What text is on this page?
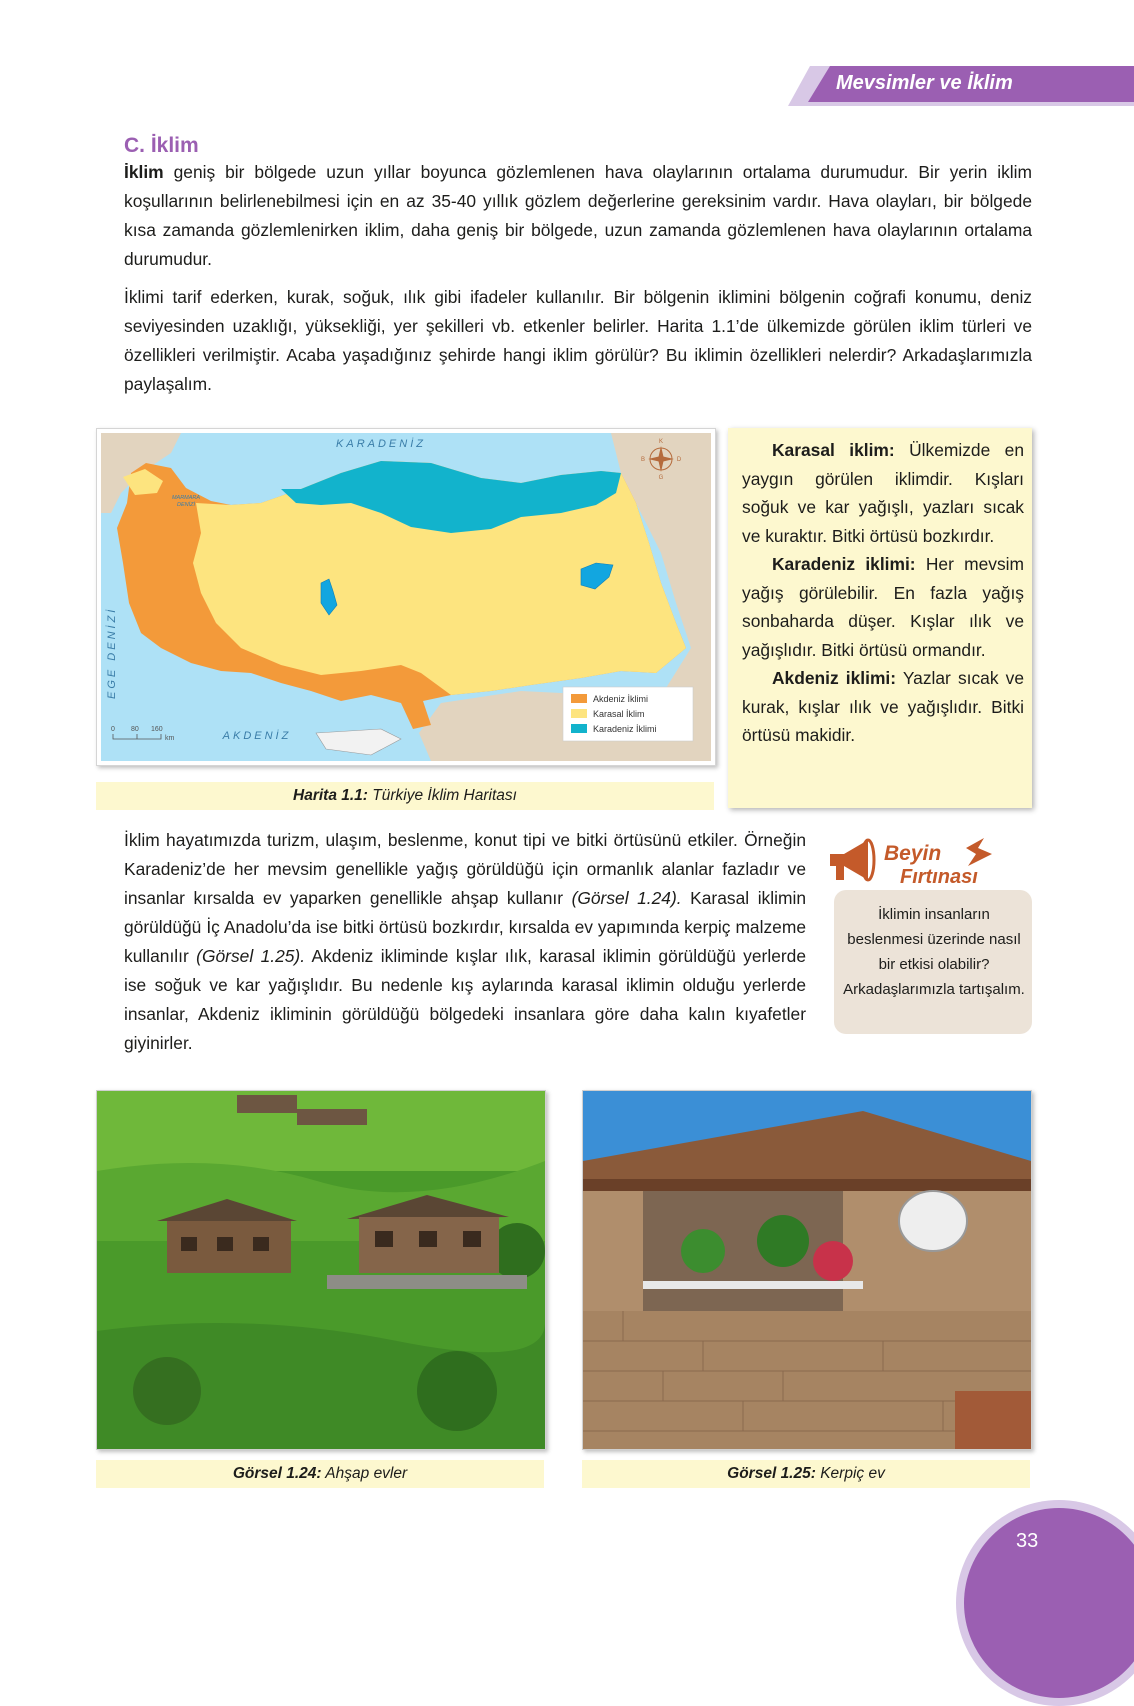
Mevsimler ve İklim
C. İklim
İklim geniş bir bölgede uzun yıllar boyunca gözlemlenen hava olaylarının ortalama durumudur. Bir yerin iklim koşullarının belirlenebilmesi için en az 35-40 yıllık gözlem değerlerine gereksinim vardır. Hava olayları, bir bölgede kısa zamanda gözlemlenirken iklim, daha geniş bir bölgede, uzun zamanda gözlemlenen hava olaylarının ortalama durumudur.
İklimi tarif ederken, kurak, soğuk, ılık gibi ifadeler kullanılır. Bir bölgenin iklimini bölgenin coğrafi konumu, deniz seviyesinden uzaklığı, yüksekliği, yer şekilleri vb. etkenler belirler. Harita 1.1’de ülkemizde görülen iklim türleri ve özellikleri verilmiştir. Acaba yaşadığınız şehirde hangi iklim görülür? Bu iklimin özellikleri nelerdir? Arkadaşlarımızla paylaşalım.
K
G
D
B
KARADENİZ
AKDENİZ
EGE DENİZİ
MARMARA
DENİZİ
0 80 160
km
Akdeniz İklimi
Karasal İklim
Karadeniz İklimi
Harita 1.1: Türkiye İklim Haritası

Karasal iklim: Ülkemizde en yaygın görülen iklimdir. Kışları soğuk ve kar yağışlı, yazları sıcak ve kuraktır. Bitki örtüsü bozkırdır.

Karadeniz iklimi: Her mevsim yağış görülebilir. En fazla yağış sonbaharda düşer. Kışlar ılık ve yağışlıdır. Bitki örtüsü ormandır.

Akdeniz iklimi: Yazlar sıcak ve kurak, kışlar ılık ve yağışlıdır. Bitki örtüsü makidir.

İklim hayatımızda turizm, ulaşım, beslenme, konut tipi ve bitki örtüsünü etkiler. Örneğin Karadeniz’de her mevsim genellikle yağış görüldüğü için ormanlık alanlar fazladır ve insanlar kırsalda ev yaparken genellikle ahşap kullanır (Görsel 1.24). Karasal iklimin görüldüğü İç Anadolu’da ise bitki örtüsü bozkırdır, kırsalda ev yapımında kerpiç malzeme kullanılır (Görsel 1.25). Akdeniz ikliminde kışlar ılık, karasal iklimin görüldüğü yerlerde ise soğuk ve kar yağışlıdır. Bu nedenle kış aylarında karasal iklimin olduğu yerlerde insanlar, Akdeniz ikliminin görüldüğü bölgedeki insanlara göre daha kalın kıyafetler giyinirler.
Beyin
Fırtınası
İklimin insanların beslenmesi üzerinde nasıl bir etkisi olabilir? Arkadaşlarımızla tartışalım.
Görsel 1.24: Ahşap evler	Görsel 1.25: Kerpiç ev
33
